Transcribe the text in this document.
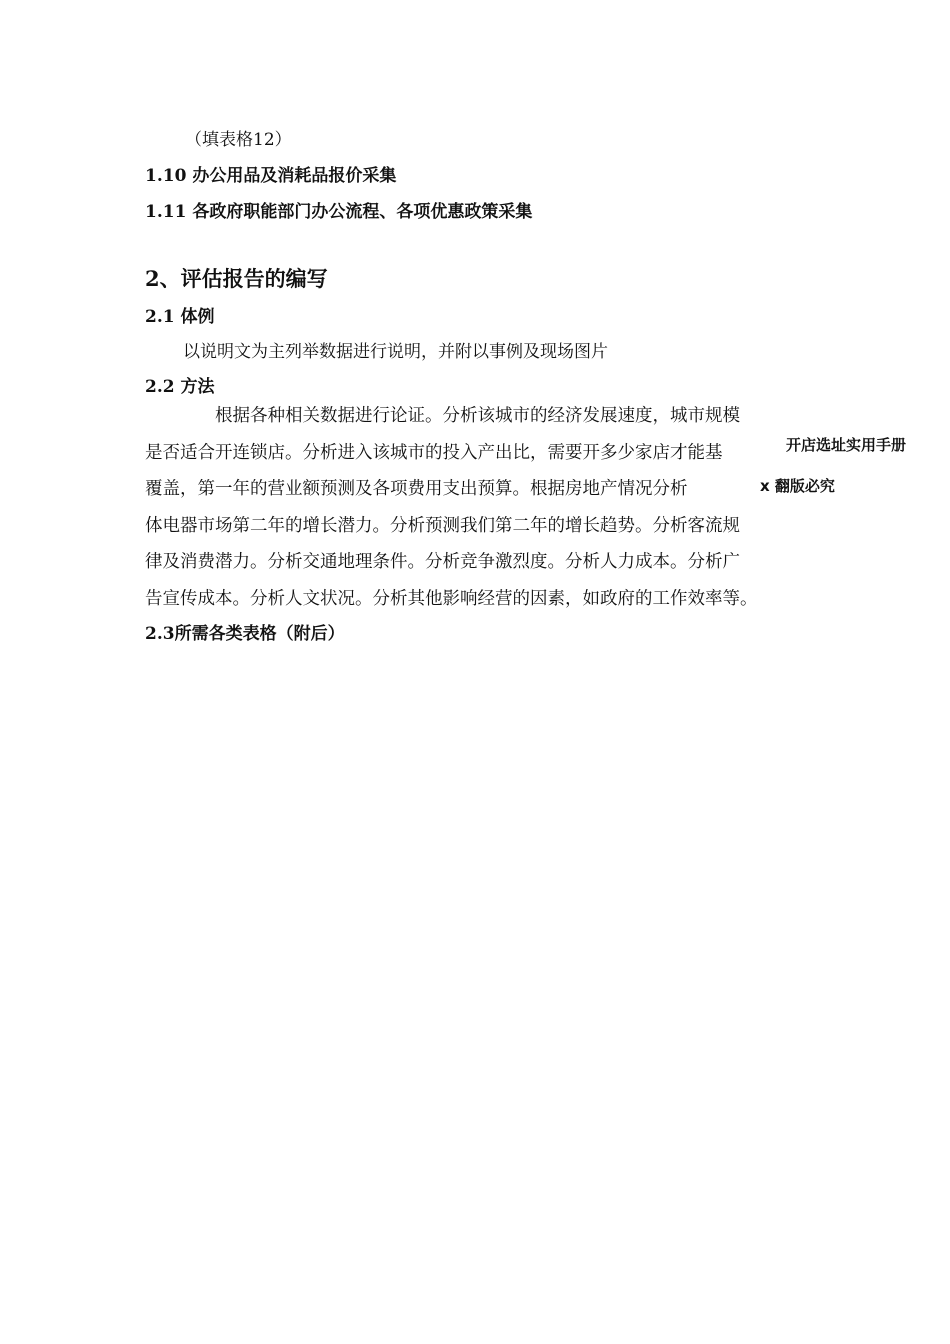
（填表格12）
1.10 办公用品及消耗品报价采集
1.11 各政府职能部门办公流程、各项优惠政策采集
2、评估报告的编写
2.1 体例
以说明文为主列举数据进行说明，并附以事例及现场图片
2.2 方法
根据各种相关数据进行论证。分析该城市的经济发展速度，城市规模
是否适合开连锁店。分析进入该城市的投入产出比，需要开多少家店才能基
覆盖，第一年的营业额预测及各项费用支出预算。根据房地产情况分析
体电器市场第二年的增长潜力。分析预测我们第二年的增长趋势。分析客流规
律及消费潜力。分析交通地理条件。分析竞争激烈度。分析人力成本。分析广
告宣传成本。分析人文状况。分析其他影响经营的因素，如政府的工作效率等。
2.3所需各类表格（附后）
开店选址实用手册
x 翻版必究
